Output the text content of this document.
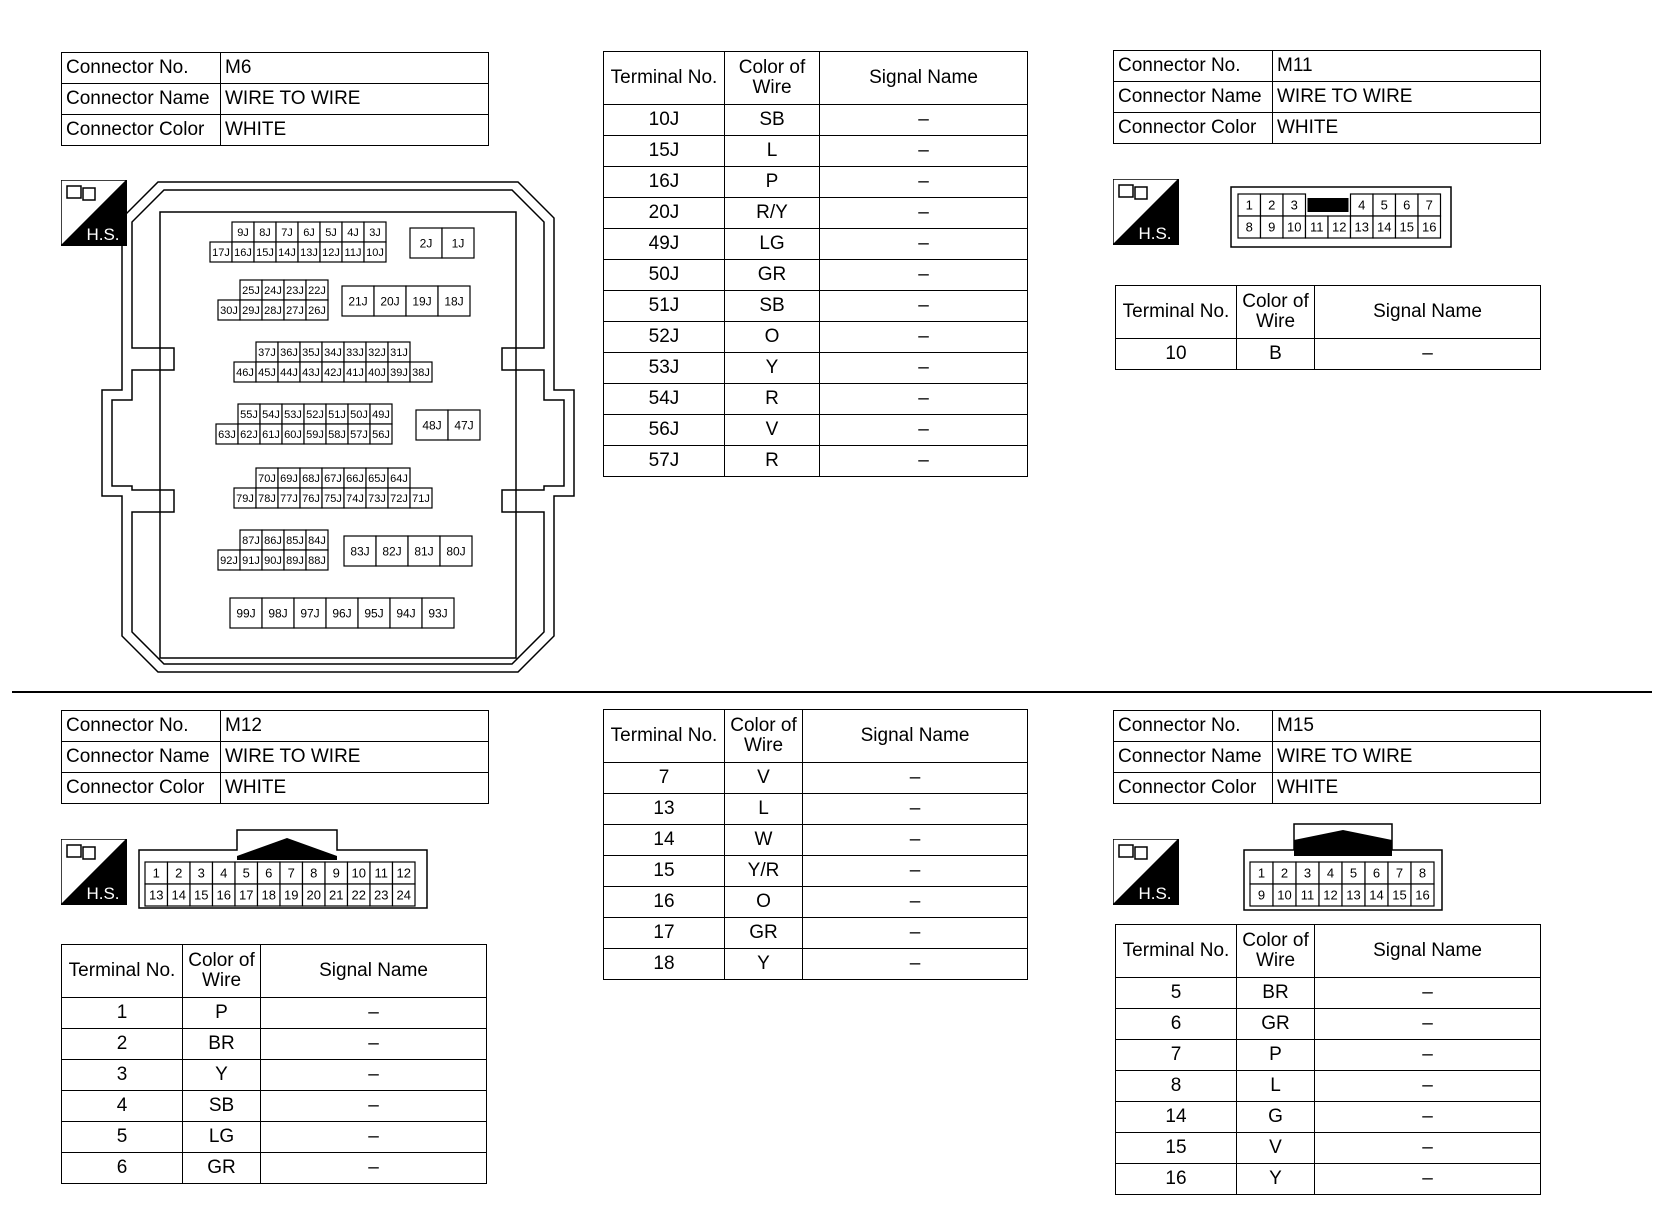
Connector No.	M6
Connector Name	WIRE TO WIRE
Connector Color	WHITE
H.S.	9J 8J 7J 6J 5J 4J 3J
17J 16J 15J 14J 13J 12J 11J 10J
2J 1J
25J 24J 23J 22J
30J 29J 28J 27J 26J
21J 20J 19J 18J
37J 36J 35J 34J 33J 32J 31J
46J 45J 44J 43J 42J 41J 40J 39J 38J
55J 54J 53J 52J 51J 50J 49J
63J 62J 61J 60J 59J 58J 57J 56J
48J 47J
70J 69J 68J 67J 66J 65J 64J
79J 78J 77J 76J 75J 74J 73J 72J 71J
87J 86J 85J 84J
92J 91J 90J 89J 88J
83J 82J 81J 80J
99J 98J 97J 96J 95J 94J 93J
Terminal No.	Color of Wire	Signal Name
10J	SB	–
15J	L	–
16J	P	–
20J	R/Y	–
49J	LG	–
50J	GR	–
51J	SB	–
52J	O	–
53J	Y	–
54J	R	–
56J	V	–
57J	R	–
Connector No.	M11
Connector Name	WIRE TO WIRE
Connector Color	WHITE
H.S.
1 2 3	4 5 6 7
8 9 10 11 12 13 14 15 16
Terminal No.	Color of Wire	Signal Name
10	B	–
Connector No.	M12
Connector Name	WIRE TO WIRE
Connector Color	WHITE
H.S.
1 2 3 4 5 6 7 8 9 10 11 12
13 14 15 16 17 18 19 20 21 22 23 24
Terminal No.	Color of Wire	Signal Name
1	P	–
2	BR	–
3	Y	–
4	SB	–
5	LG	–
6	GR	–
Terminal No.	Color of Wire	Signal Name
7	V	–
13	L	–
14	W	–
15	Y/R	–
16	O	–
17	GR	–
18	Y	–
Connector No.	M15
Connector Name	WIRE TO WIRE
Connector Color	WHITE
H.S.
1 2 3 4 5 6 7 8
9 10 11 12 13 14 15 16
Terminal No.	Color of Wire	Signal Name
5	BR	–
6	GR	–
7	P	–
8	L	–
14	G	–
15	V	–
16	Y	–
